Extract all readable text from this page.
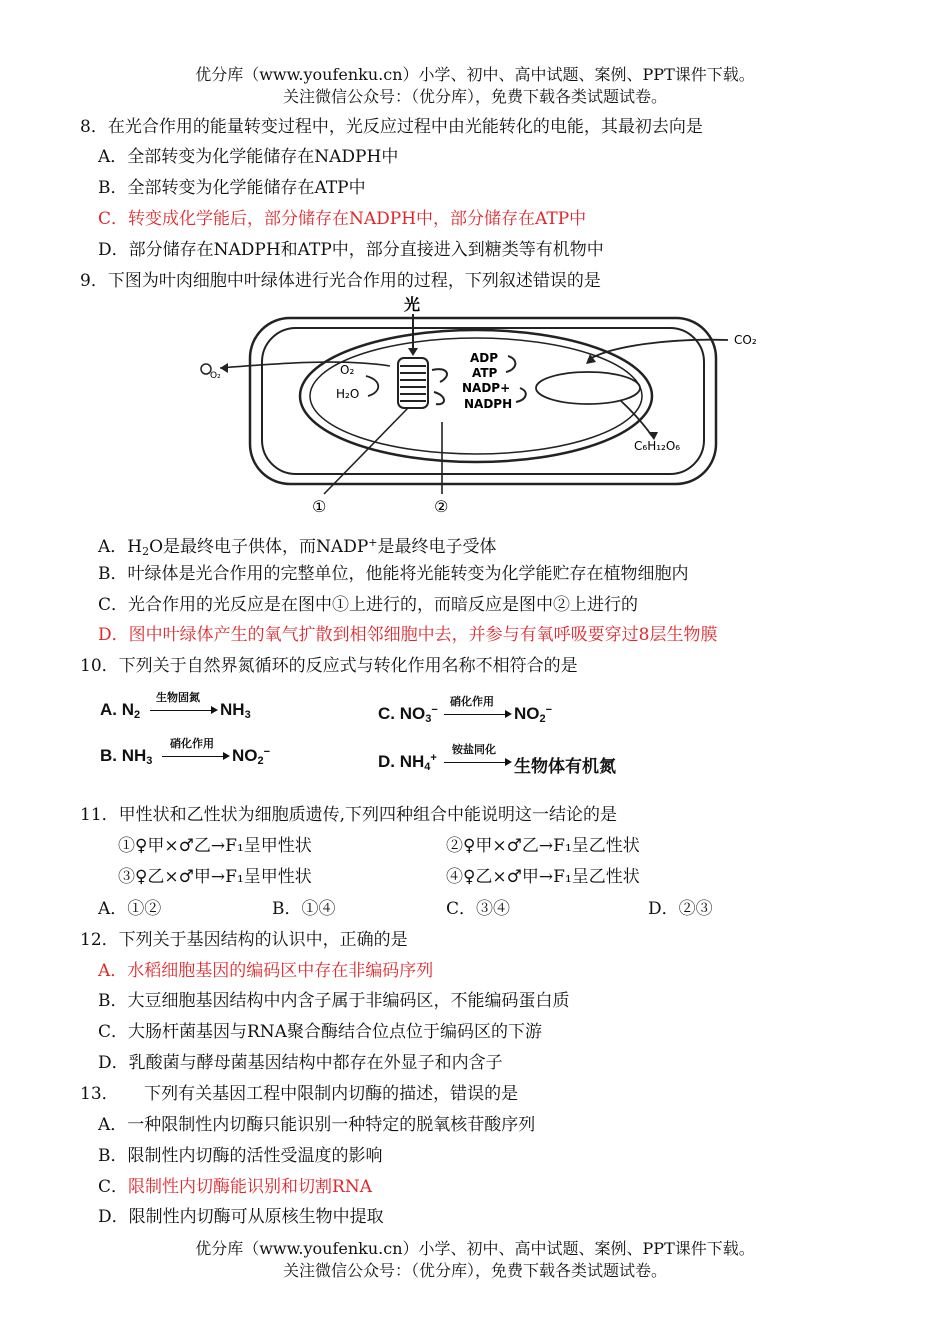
优分库（www.youfenku.cn）小学、初中、高中试题、案例、PPT课件下载。
关注微信公众号：（优分库），免费下载各类试题试卷。
8．在光合作用的能量转变过程中，光反应过程中由光能转化的电能，其最初去向是
A．全部转变为化学能储存在NADPH中
B．全部转变为化学能储存在ATP中
C．转变成化学能后，部分储存在NADPH中，部分储存在ATP中
D．部分储存在NADPH和ATP中，部分直接进入到糖类等有机物中
9．下图为叶肉细胞中叶绿体进行光合作用的过程，下列叙述错误的是
光
O₂	O₂
H₂O
ADP
ATP
NADP+
NADPH
CO₂
C₆H₁₂O₆
①	②
A．$H_2O$是最终电子供体，而NADP+是最终电子受体
B．叶绿体是光合作用的完整单位，他能将光能转变为化学能贮存在植物细胞内
C．光合作用的光反应是在图中①上进行的，而暗反应是图中②上进行的
D．图中叶绿体产生的氧气扩散到相邻细胞中去，并参与有氧呼吸要穿过8层生物膜
10．下列关于自然界氮循环的反应式与转化作用名称不相符合的是
A. $N_2$
生物固氮
$NH_3$	C. $NO_3^-$
硝化作用
$NO_2^-$
B. $NH_3$
硝化作用
$NO_2^-$	D. $NH_4^+$
铵盐同化
生物体有机氮
11．甲性状和乙性状为细胞质遗传,下列四种组合中能说明这一结论的是
①♀甲×♂乙→F₁呈甲性状	②♀甲×♂乙→F₁呈乙性状
③♀乙×♂甲→F₁呈甲性状	④♀乙×♂甲→F₁呈乙性状
A．①②	B．①④	C．③④	D．②③
12．下列关于基因结构的认识中，正确的是
A．水稻细胞基因的编码区中存在非编码序列
B．大豆细胞基因结构中内含子属于非编码区，不能编码蛋白质
C．大肠杆菌基因与RNA聚合酶结合位点位于编码区的下游
D．乳酸菌与酵母菌基因结构中都存在外显子和内含子
13．　　下列有关基因工程中限制内切酶的描述，错误的是
A．一种限制性内切酶只能识别一种特定的脱氧核苷酸序列
B．限制性内切酶的活性受温度的影响
C．限制性内切酶能识别和切割RNA
D．限制性内切酶可从原核生物中提取
优分库（www.youfenku.cn）小学、初中、高中试题、案例、PPT课件下载。
关注微信公众号：（优分库），免费下载各类试题试卷。
